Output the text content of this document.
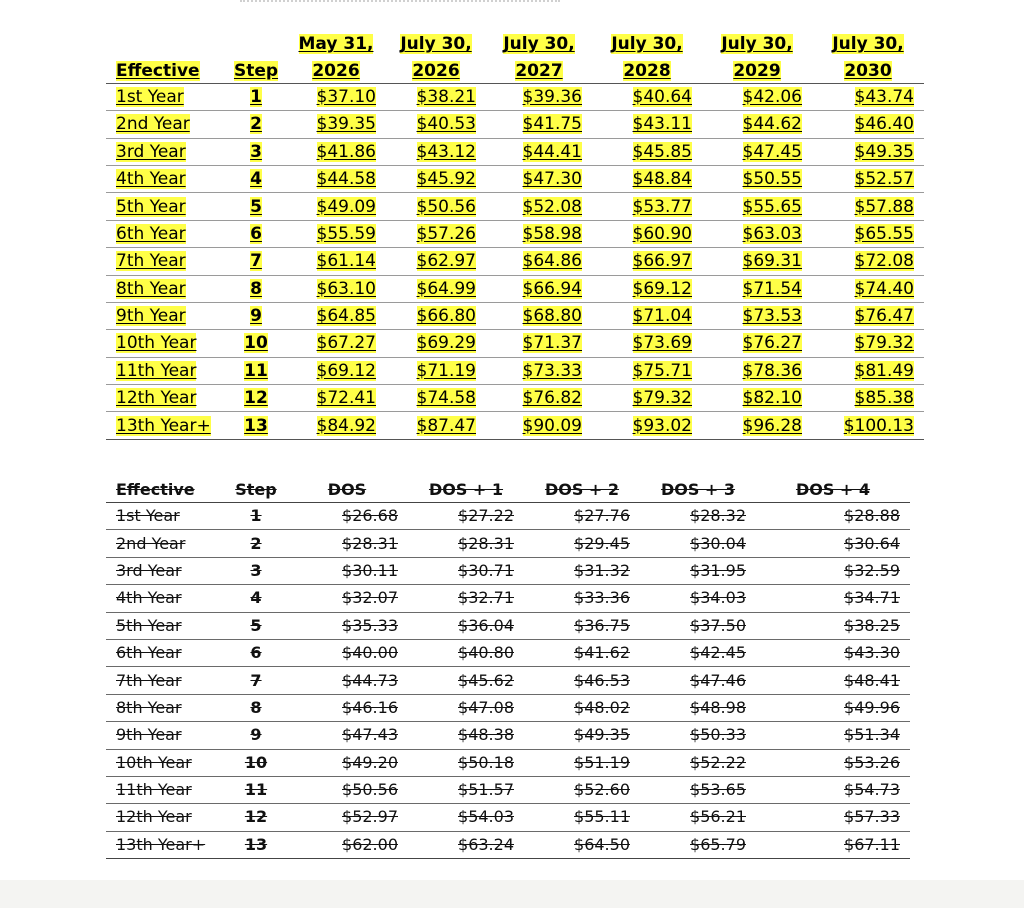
		May 31,	July 30,	July 30,	July 30,	July 30,	July 30,
Effective	Step	2026	2026	2027	2028	2029	2030
1st Year	1	$37.10	$38.21	$39.36	$40.64	$42.06	$43.74
2nd Year	2	$39.35	$40.53	$41.75	$43.11	$44.62	$46.40
3rd Year	3	$41.86	$43.12	$44.41	$45.85	$47.45	$49.35
4th Year	4	$44.58	$45.92	$47.30	$48.84	$50.55	$52.57
5th Year	5	$49.09	$50.56	$52.08	$53.77	$55.65	$57.88
6th Year	6	$55.59	$57.26	$58.98	$60.90	$63.03	$65.55
7th Year	7	$61.14	$62.97	$64.86	$66.97	$69.31	$72.08
8th Year	8	$63.10	$64.99	$66.94	$69.12	$71.54	$74.40
9th Year	9	$64.85	$66.80	$68.80	$71.04	$73.53	$76.47
10th Year	10	$67.27	$69.29	$71.37	$73.69	$76.27	$79.32
11th Year	11	$69.12	$71.19	$73.33	$75.71	$78.36	$81.49
12th Year	12	$72.41	$74.58	$76.82	$79.32	$82.10	$85.38
13th Year+	13	$84.92	$87.47	$90.09	$93.02	$96.28	$100.13
Effective	Step	DOS	DOS + 1	DOS + 2	DOS + 3	DOS + 4
1st Year	1	$26.68	$27.22	$27.76	$28.32	$28.88
2nd Year	2	$28.31	$28.31	$29.45	$30.04	$30.64
3rd Year	3	$30.11	$30.71	$31.32	$31.95	$32.59
4th Year	4	$32.07	$32.71	$33.36	$34.03	$34.71
5th Year	5	$35.33	$36.04	$36.75	$37.50	$38.25
6th Year	6	$40.00	$40.80	$41.62	$42.45	$43.30
7th Year	7	$44.73	$45.62	$46.53	$47.46	$48.41
8th Year	8	$46.16	$47.08	$48.02	$48.98	$49.96
9th Year	9	$47.43	$48.38	$49.35	$50.33	$51.34
10th Year	10	$49.20	$50.18	$51.19	$52.22	$53.26
11th Year	11	$50.56	$51.57	$52.60	$53.65	$54.73
12th Year	12	$52.97	$54.03	$55.11	$56.21	$57.33
13th Year+	13	$62.00	$63.24	$64.50	$65.79	$67.11
